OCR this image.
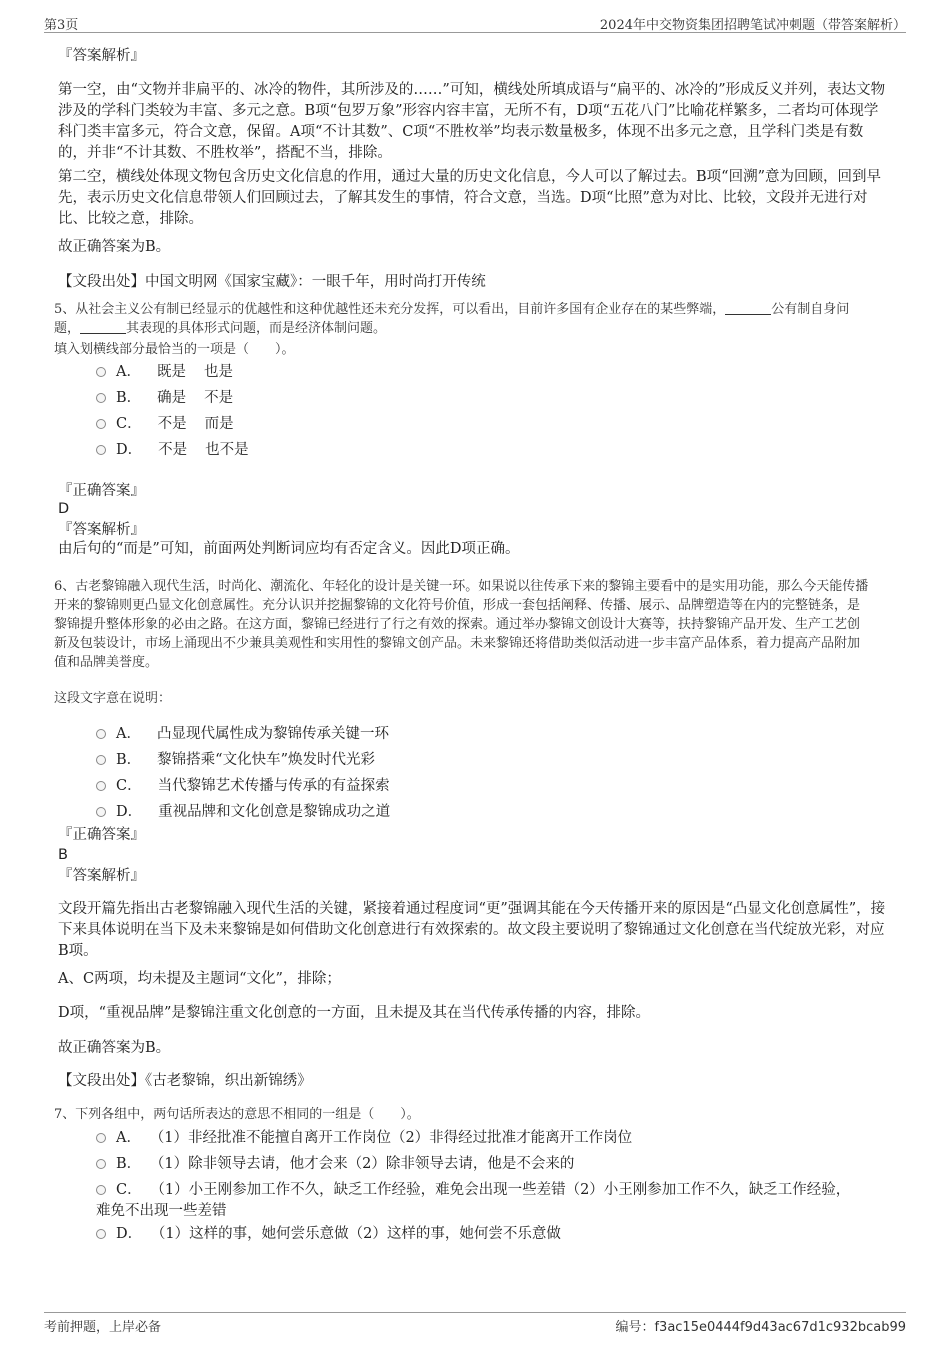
第3页	2024年中交物资集团招聘笔试冲刺题（带答案解析）
『答案解析』
第一空，由“文物并非扁平的、冰冷的物件，其所涉及的……”可知，横线处所填成语与“扁平的、冰冷的”形成反义并列，表达文物涉及的学科门类较为丰富、多元之意。B项“包罗万象”形容内容丰富，无所不有，D项“五花八门”比喻花样繁多，二者均可体现学科门类丰富多元，符合文意，保留。A项“不计其数”、C项“不胜枚举”均表示数量极多，体现不出多元之意，且学科门类是有数的，并非“不计其数、不胜枚举”，搭配不当，排除。
第二空，横线处体现文物包含历史文化信息的作用，通过大量的历史文化信息，今人可以了解过去。B项“回溯”意为回顾，回到早先，表示历史文化信息带领人们回顾过去，了解其发生的事情，符合文意，当选。D项“比照”意为对比、比较，文段并无进行对比、比较之意，排除。
故正确答案为B。
【文段出处】中国文明网《国家宝藏》：一眼千年，用时尚打开传统
5、从社会主义公有制已经显示的优越性和这种优越性还未充分发挥，可以看出，目前许多国有企业存在的某些弊端，	公有制自身问
题，	其表现的具体形式问题，而是经济体制问题。
填入划横线部分最恰当的一项是（　　）。
A． 既是 也是
B． 确是 不是
C． 不是 而是
D． 不是 也不是
『正确答案』
D
『答案解析』
由后句的“而是”可知，前面两处判断词应均有否定含义。因此D项正确。
6、古老黎锦融入现代生活，时尚化、潮流化、年轻化的设计是关键一环。如果说以往传承下来的黎锦主要看中的是实用功能，那么今天能传播
开来的黎锦则更凸显文化创意属性。充分认识并挖掘黎锦的文化符号价值，形成一套包括阐释、传播、展示、品牌塑造等在内的完整链条，是
黎锦提升整体形象的必由之路。在这方面，黎锦已经进行了行之有效的探索。通过举办黎锦文创设计大赛等，扶持黎锦产品开发、生产工艺创
新及包装设计，市场上涌现出不少兼具美观性和实用性的黎锦文创产品。未来黎锦还将借助类似活动进一步丰富产品体系，着力提高产品附加
值和品牌美誉度。
这段文字意在说明：
A． 凸显现代属性成为黎锦传承关键一环
B． 黎锦搭乘“文化快车”焕发时代光彩
C． 当代黎锦艺术传播与传承的有益探索
D． 重视品牌和文化创意是黎锦成功之道
『正确答案』
B
『答案解析』
文段开篇先指出古老黎锦融入现代生活的关键，紧接着通过程度词“更”强调其能在今天传播开来的原因是“凸显文化创意属性”，接下来具体说明在当下及未来黎锦是如何借助文化创意进行有效探索的。故文段主要说明了黎锦通过文化创意在当代绽放光彩，对应B项。
A、C两项，均未提及主题词“文化”，排除；
D项，“重视品牌”是黎锦注重文化创意的一方面，且未提及其在当代传承传播的内容，排除。
故正确答案为B。
【文段出处】《古老黎锦，织出新锦绣》
7、下列各组中，两句话所表达的意思不相同的一组是（　　）。
A． （1）非经批准不能擅自离开工作岗位（2）非得经过批准才能离开工作岗位
B． （1）除非领导去请，他才会来（2）除非领导去请，他是不会来的
C． （1）小王刚参加工作不久，缺乏工作经验，难免会出现一些差错（2）小王刚参加工作不久，缺乏工作经验，
难免不出现一些差错
D． （1）这样的事，她何尝乐意做（2）这样的事，她何尝不乐意做
考前押题，上岸必备	编号：f3ac15e0444f9d43ac67d1c932bcab99
